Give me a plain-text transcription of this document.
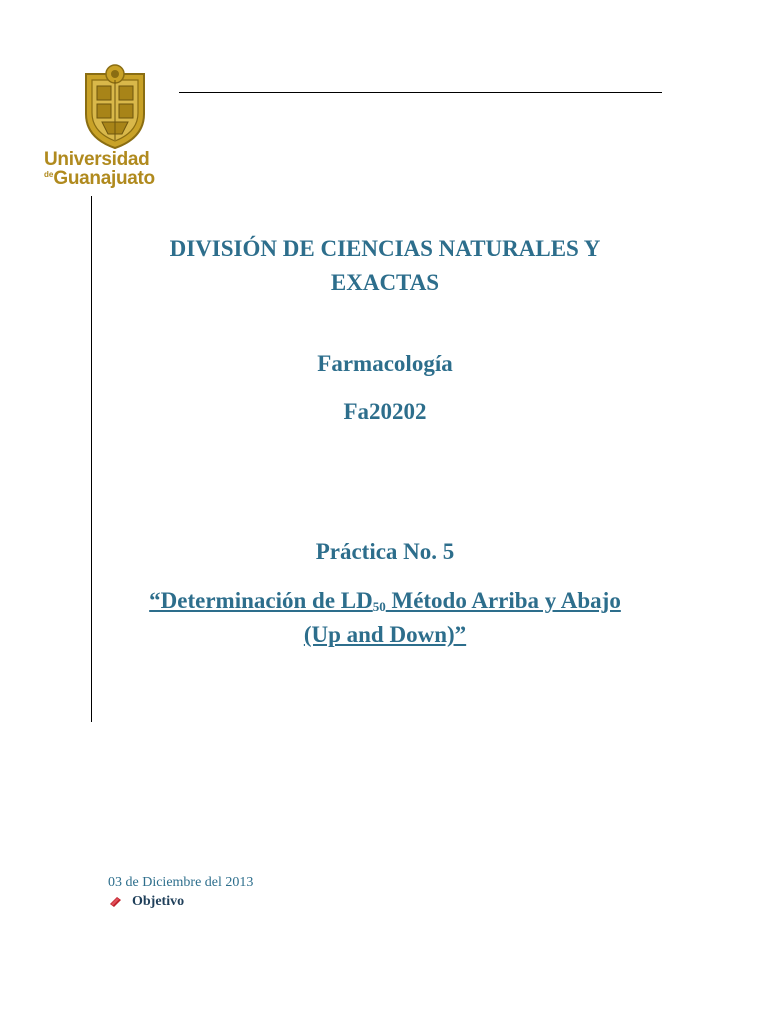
Universidad
$^{de}$Guanajuato
DIVISIÓN DE CIENCIAS NATURALES Y
EXACTAS
Farmacología
Fa20202
Práctica No. 5
“Determinación de $LD_{50}$ Método Arriba y Abajo
(Up and Down)”
03 de Diciembre del 2013
Objetivo
